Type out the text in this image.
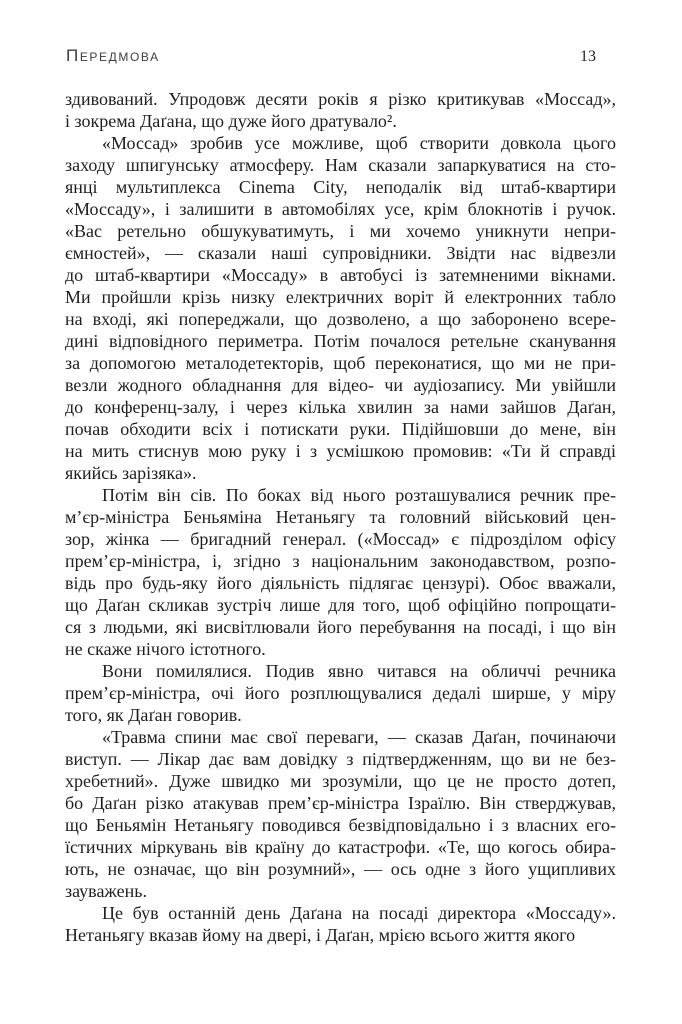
Передмова	13
здивований. Упродовж десяти років я різко критикував «Моссад»,
і зокрема Даґана, що дуже його дратувало².
«Моссад» зробив усе можливе, щоб створити довкола цього
заходу шпигунську атмосферу. Нам сказали запаркуватися на сто-
янці мультиплекса Cinema City, неподалік від штаб-квартири
«Моссаду», і залишити в автомобілях усе, крім блокнотів і ручок.
«Вас ретельно обшукуватимуть, і ми хочемо уникнути непри-
ємностей», — сказали наші супровідники. Звідти нас відвезли
до штаб-квартири «Моссаду» в автобусі із затемненими вікнами.
Ми пройшли крізь низку електричних воріт й електронних табло
на вході, які попереджали, що дозволено, а що заборонено всере-
дині відповідного периметра. Потім почалося ретельне сканування
за допомогою металодетекторів, щоб переконатися, що ми не при-
везли жодного обладнання для відео- чи аудіозапису. Ми увійшли
до конференц-залу, і через кілька хвилин за нами зайшов Даґан,
почав обходити всіх і потискати руки. Підійшовши до мене, він
на мить стиснув мою руку і з усмішкою промовив: «Ти й справді
якийсь зарізяка».
Потім він сів. По боках від нього розташувалися речник пре-
м’єр-міністра Беньяміна Нетаньягу та головний військовий цен-
зор, жінка — бригадний генерал. («Моссад» є підрозділом офісу
прем’єр-міністра, і, згідно з національним законодавством, розпо-
відь про будь-яку його діяльність підлягає цензурі). Обоє вважали,
що Даґан скликав зустріч лише для того, щоб офіційно попрощати-
ся з людьми, які висвітлювали його перебування на посаді, і що він
не скаже нічого істотного.
Вони помилялися. Подив явно читався на обличчі речника
прем’єр-міністра, очі його розплющувалися дедалі ширше, у міру
того, як Даґан говорив.
«Травма спини має свої переваги, — сказав Даґан, починаючи
виступ. — Лікар дає вам довідку з підтвердженням, що ви не без-
хребетний». Дуже швидко ми зрозуміли, що це не просто дотеп,
бо Даґан різко атакував прем’єр-міністра Ізраїлю. Він стверджував,
що Беньямін Нетаньягу поводився безвідповідально і з власних его-
їстичних міркувань вів країну до катастрофи. «Те, що когось обира-
ють, не означає, що він розумний», — ось одне з його ущипливих
зауважень.
Це був останній день Даґана на посаді директора «Моссаду».
Нетаньягу вказав йому на двері, і Даґан, мрією всього життя якого
